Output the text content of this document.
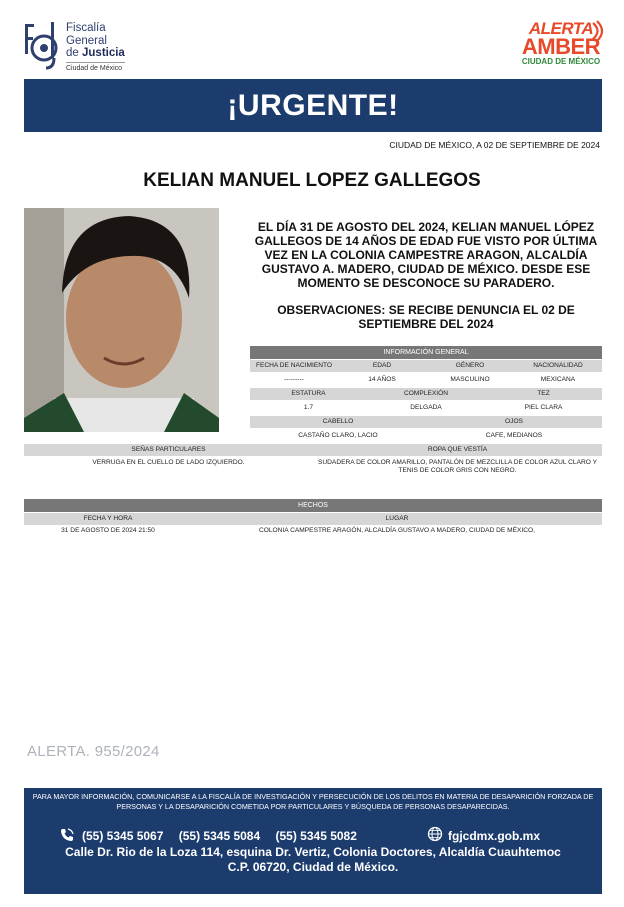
Fiscalía
General
de Justicia
Ciudad de México
ALERTA
AMBER
CIUDAD DE MÉXICO
¡URGENTE!
CIUDAD DE MÉXICO, A 02 DE SEPTIEMBRE DE 2024
KELIAN MANUEL LOPEZ GALLEGOS
EL DÍA 31 DE AGOSTO DEL 2024, KELIAN MANUEL LÓPEZ GALLEGOS DE 14 AÑOS DE EDAD FUE VISTO POR ÚLTIMA VEZ EN LA COLONIA CAMPESTRE ARAGON, ALCALDÍA GUSTAVO A. MADERO, CIUDAD DE MÉXICO. DESDE ESE MOMENTO SE DESCONOCE SU PARADERO.
OBSERVACIONES: SE RECIBE DENUNCIA EL 02 DE SEPTIEMBRE DEL 2024
INFORMACIÓN GENERAL
FECHA DE NACIMIENTO	EDAD	GÉNERO	NACIONALIDAD
---------	14 AÑOS	MASCULINO	MEXICANA
ESTATURA	COMPLEXIÓN	TEZ
1.7	DELGADA	PIEL CLARA
CABELLO	OJOS
CASTAÑO CLARO, LACIO	CAFE, MEDIANOS
SEÑAS PARTICULARES	ROPA QUE VESTÍA
VERRUGA EN EL CUELLO DE LADO IZQUIERDO.	SUDADERA DE COLOR AMARILLO, PANTALÓN DE MEZCLILLA DE COLOR AZUL CLARO Y TENIS DE COLOR GRIS CON NEGRO.
HECHOS
FECHA Y HORA	LUGAR
31 DE AGOSTO DE 2024 21:50	COLONIA CAMPESTRE ARAGÓN, ALCALDÍA GUSTAVO A MADERO, CIUDAD DE MÉXICO,
ALERTA. 955/2024
PARA MAYOR INFORMACIÓN, COMUNICARSE A LA FISCALÍA DE INVESTIGACIÓN Y PERSECUCIÓN DE LOS DELITOS EN MATERIA DE DESAPARICIÓN FORZADA DE PERSONAS Y LA DESAPARICIÓN COMETIDA POR PARTICULARES Y BÚSQUEDA DE PERSONAS DESAPARECIDAS.
(55) 5345 5067 (55) 5345 5084 (55) 5345 5082	fgjcdmx.gob.mx
Calle Dr. Rio de la Loza 114, esquina Dr. Vertiz, Colonia Doctores, Alcaldía Cuauhtemoc
C.P. 06720, Ciudad de México.
